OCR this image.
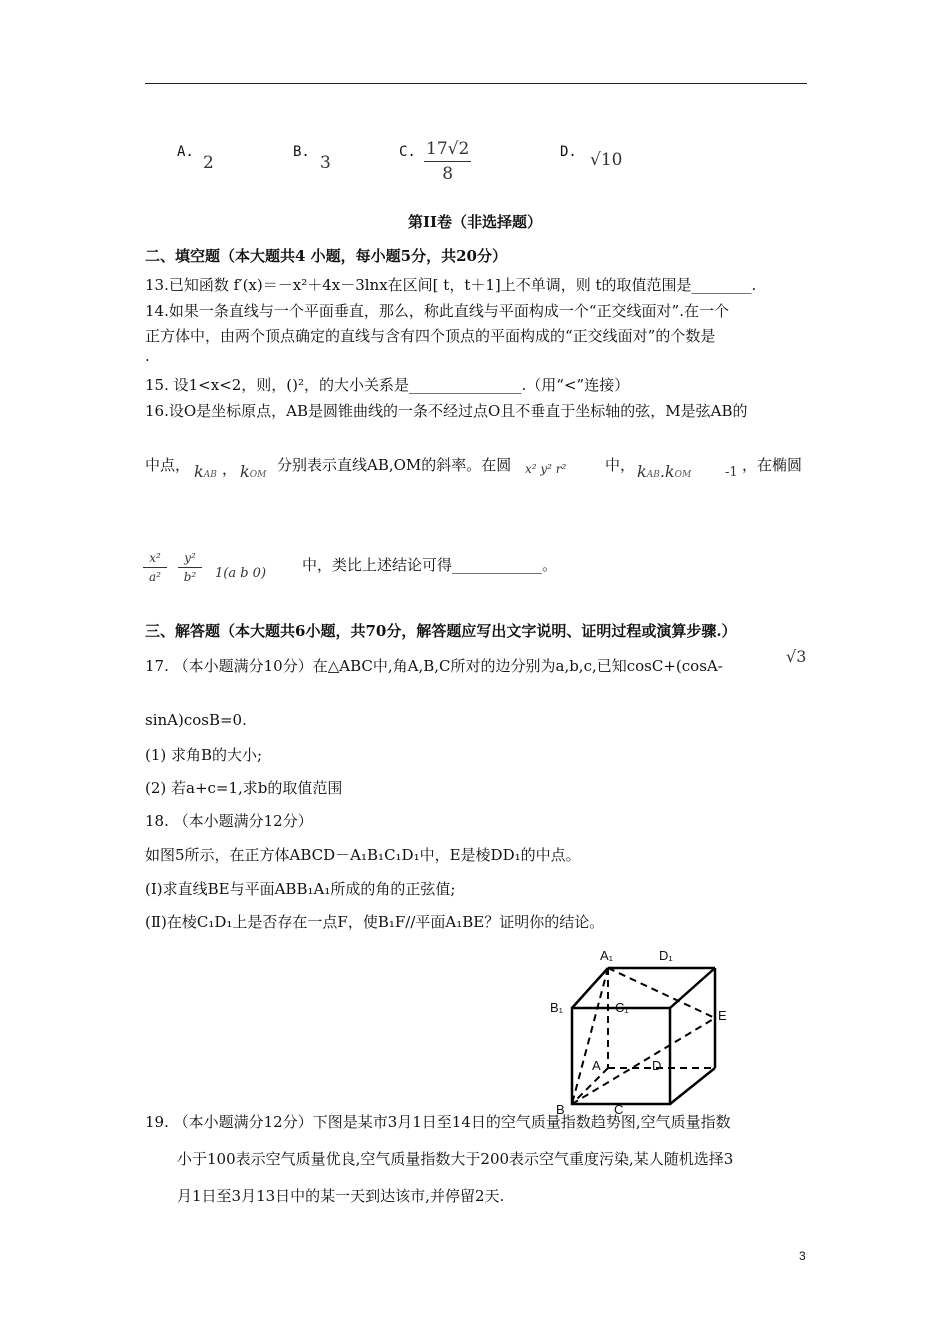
A.
2
B.
3
C. 17√2
8
D. √10
第II卷（非选择题）
二、填空题（本大题共4 小题，每小题5分，共20分）
13.已知函数 f′(x)＝－x²＋4x－3lnx在区间[ t，t＋1]上不单调，则 t的取值范围是________.
14.如果一条直线与一个平面垂直，那么，称此直线与平面构成一个“正交线面对”.在一个
正方体中，由两个顶点确定的直线与含有四个顶点的平面构成的“正交线面对”的个数是
.
15. 设1<x<2，则，()²，的大小关系是_______________.（用“<”连接）
16.设O是坐标原点，AB是圆锥曲线的一条不经过点O且不垂直于坐标轴的弦，M是弦AB的
中点， kAB ， kOM
分别表示直线AB,OM的斜率。在圆 x² y² r²	中， kAB.kOM	-1 ，在椭圆
x²
a²
y²
b²	1(a b 0) 中，类比上述结论可得____________。
三、解答题（本大题共6小题，共70分，解答题应写出文字说明、证明过程或演算步骤.）
17. （本小题满分10分）在△ABC中,角A,B,C所对的边分别为a,b,c,已知cosC+(cosA-	√3
sinA)cosB=0.
(1) 求角B的大小;
(2) 若a+c=1,求b的取值范围
18. （本小题满分12分）
如图5所示，在正方体ABCD－A₁B₁C₁D₁中，E是棱DD₁的中点。
(Ⅰ)求直线BE与平面ABB₁A₁所成的角的正弦值;
(Ⅱ)在棱C₁D₁上是否存在一点F，使B₁F//平面A₁BE？证明你的结论。
A₁	D₁
B₁	C₁
E
A	D
B	C
19. （本小题满分12分）下图是某市3月1日至14日的空气质量指数趋势图,空气质量指数
小于100表示空气质量优良,空气质量指数大于200表示空气重度污染,某人随机选择3
月1日至3月13日中的某一天到达该市,并停留2天.
3
